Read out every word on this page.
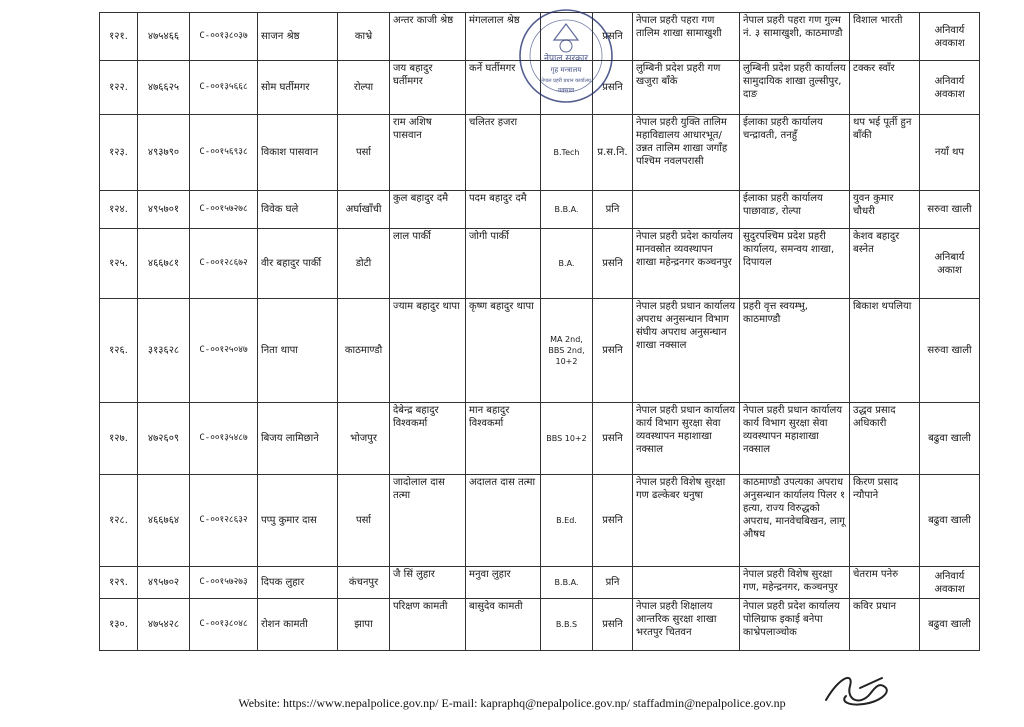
१२१.	४७५४६६	C-००१३८०३७	साजन श्रेष्ठ	काभ्रे	अन्तर काजी श्रेष्ठ	मंगललाल श्रेष्ठ		प्रसनि	नेपाल प्रहरी पहरा गण तालिम शाखा सामाखुशी	नेपाल प्रहरी पहरा गण गुल्म नं. ३ सामाखुशी, काठमाण्डौ	विशाल भारती	अनिवार्य अवकाश
१२२.	४७६६२५	C-००१३५६६८	सोम घर्तीमगर	रोल्पा	जय बहादुर घर्तीमगर	कर्ने घर्तीमगर		प्रसनि	लुम्बिनी प्रदेश प्रहरी गण खजुरा बाँके	लुम्बिनी प्रदेश प्रहरी कार्यालय सामुदायिक शाखा तुल्सीपुर, दाङ	टक्कर स्वाँर	अनिवार्य अवकाश
१२३.	४९३७९०	C-००१५६९३८	विकाश पासवान	पर्सा	राम अशिष पासवान	चलितर हजरा	B.Tech	प्र.स.नि.	नेपाल प्रहरी युक्ति तालिम महाविद्यालय आधारभूत/उन्नत तालिम शाखा जगाँह पश्चिम नवलपरासी	ईलाका प्रहरी कार्यालय चन्द्रावती, तनहुँ	थप भई पूर्ती हुन बाँकी	नयाँ थप
१२४.	४९५७०१	C-००१५७२७८	विवेक घले	अर्घाखाँची	कुल बहादुर दमै	पदम बहादुर दमै	B.B.A.	प्रनि		ईलाका प्रहरी कार्यालय पाछावाङ, रोल्पा	युवन कुमार चौधरी	सरुवा खाली
१२५.	४६६७८१	C-००१२८६७२	वीर बहादुर पार्की	डोटी	लाल पार्की	जोगी पार्की	B.A.	प्रसनि	नेपाल प्रहरी प्रदेश कार्यालय मानवस्रोत व्यवस्थापन शाखा महेन्द्रनगर कञ्चनपुर	सुदुरपश्चिम प्रदेश प्रहरी कार्यालय, समन्वय शाखा, दिपायल	केशव बहादुर बस्नेत	अनिबार्य अकाश
१२६.	३१३६२८	C-००१२५०४७	निता थापा	काठमाण्डौ	ज्याम बहादुर थापा	कृष्ण बहादुर थापा	MA 2nd, BBS 2nd, 10+2	प्रसनि	नेपाल प्रहरी प्रधान कार्यालय अपराध अनुसन्धान विभाग संघीय अपराध अनुसन्धान शाखा नक्साल	प्रहरी वृत्त स्वयम्भु, काठमाण्डौ	बिकाश थपलिया	सरुवा खाली
१२७.	४७२६०९	C-००१३५४८७	बिजय लामिछाने	भोजपुर	देबेन्द्र बहादुर विश्वकर्मा	मान बहादुर विश्वकर्मा	BBS 10+2	प्रसनि	नेपाल प्रहरी प्रधान कार्यालय कार्य विभाग सुरक्षा सेवा व्यवस्थापन महाशाखा नक्साल	नेपाल प्रहरी प्रधान कार्यालय कार्य विभाग सुरक्षा सेवा व्यवस्थापन महाशाखा नक्साल	उद्धव प्रसाद अधिकारी	बढुवा खाली
१२८.	४६६७६४	C-००१२८६३२	पप्पु कुमार दास	पर्सा	जादोलाल दास तत्मा	अदालत दास तत्मा	B.Ed.	प्रसनि	नेपाल प्रहरी विशेष सुरक्षा गण ढल्केबर धनुषा	काठमाण्डौ उपत्यका अपराध अनुसन्धान कार्यालय पिलर १ हत्या, राज्य विरुद्धको अपराध, मानवेचबिखन, लागू औषध	किरण प्रसाद न्यौपाने	बढुवा खाली
१२९.	४९५७०२	C-००१५७२७३	दिपक लुहार	कंचनपुर	जै सिं लुहार	मनुवा लुहार	B.B.A.	प्रनि		नेपाल प्रहरी विशेष सुरक्षा गण, महेन्द्रनगर, कञ्चनपुर	चेतराम पनेरु	अनिवार्य अवकाश
१३०.	४७५४२८	C-००१३८०४८	रोशन कामती	झापा	परिक्षण कामती	बासुदेव कामती	B.B.S	प्रसनि	नेपाल प्रहरी शिक्षालय आन्तरिक सुरक्षा शाखा भरतपुर चितवन	नेपाल प्रहरी प्रदेश कार्यालय पोलिग्राफ इकाई बनेपा काभ्रेपलाञ्चोक	कविर प्रधान	बढुवा खाली
नेपाल सरकार
गृह मन्त्रालय
नेपाल प्रहरी प्रधान कार्यालय
नक्साल
Website: https://www.nepalpolice.gov.np/ E-mail: kapraphq@nepalpolice.gov.np/ staffadmin@nepalpolice.gov.np
